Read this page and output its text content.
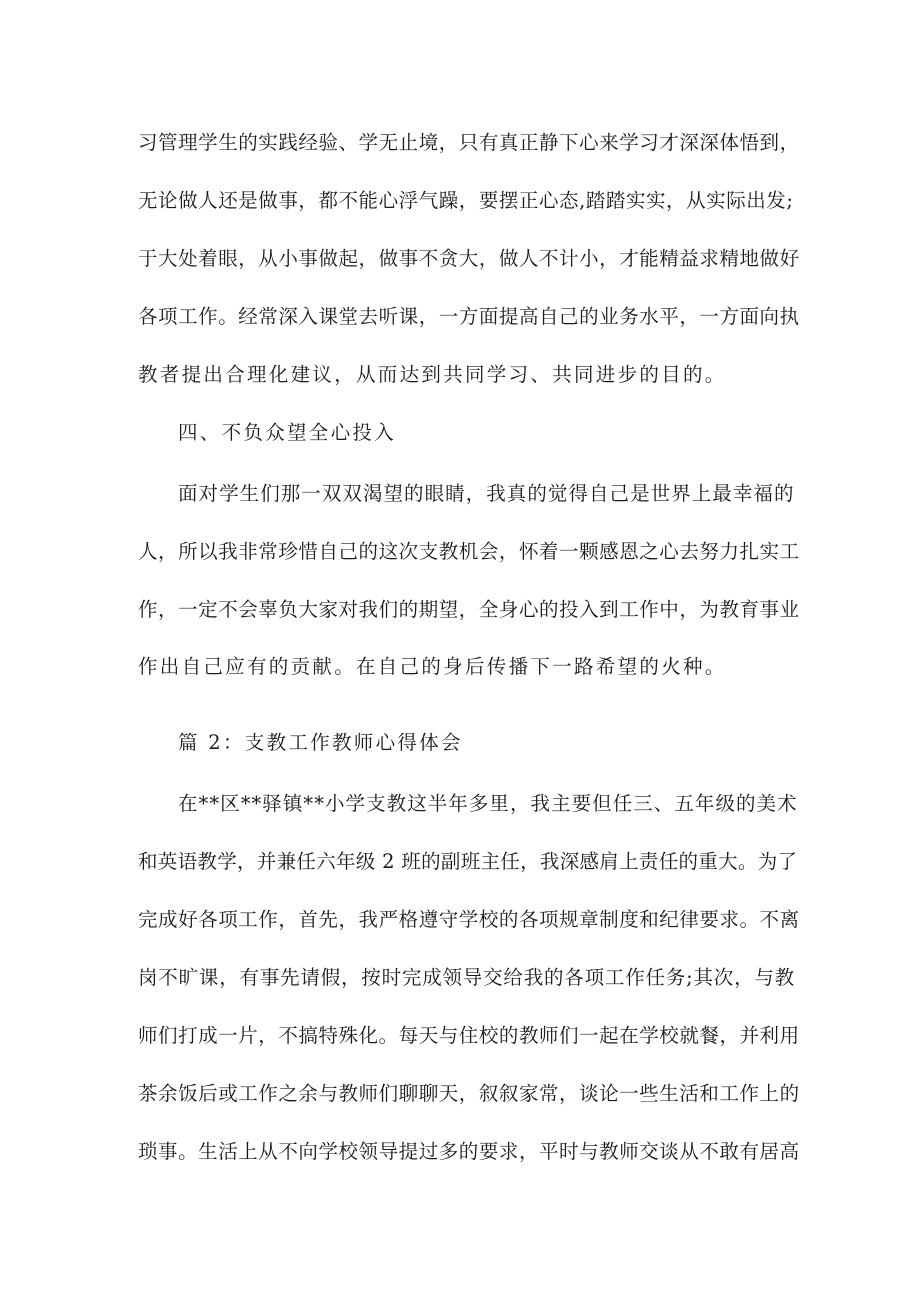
习管理学生的实践经验、学无止境，只有真正静下心来学习才深深体悟到，
无论做人还是做事，都不能心浮气躁，要摆正心态,踏踏实实，从实际出发;
于大处着眼，从小事做起，做事不贪大，做人不计小，才能精益求精地做好
各项工作。经常深入课堂去听课，一方面提高自己的业务水平，一方面向执
教者提出合理化建议，从而达到共同学习、共同进步的目的。
四、不负众望全心投入
面对学生们那一双双渴望的眼睛，我真的觉得自己是世界上最幸福的
人，所以我非常珍惜自己的这次支教机会，怀着一颗感恩之心去努力扎实工
作，一定不会辜负大家对我们的期望，全身心的投入到工作中，为教育事业
作出自己应有的贡献。在自己的身后传播下一路希望的火种。
篇 2：支教工作教师心得体会
在**区**驿镇**小学支教这半年多里，我主要但任三、五年级的美术
和英语教学，并兼任六年级 2 班的副班主任，我深感肩上责任的重大。为了
完成好各项工作，首先，我严格遵守学校的各项规章制度和纪律要求。不离
岗不旷课，有事先请假，按时完成领导交给我的各项工作任务;其次，与教
师们打成一片，不搞特殊化。每天与住校的教师们一起在学校就餐，并利用
茶余饭后或工作之余与教师们聊聊天，叙叙家常，谈论一些生活和工作上的
琐事。生活上从不向学校领导提过多的要求，平时与教师交谈从不敢有居高
